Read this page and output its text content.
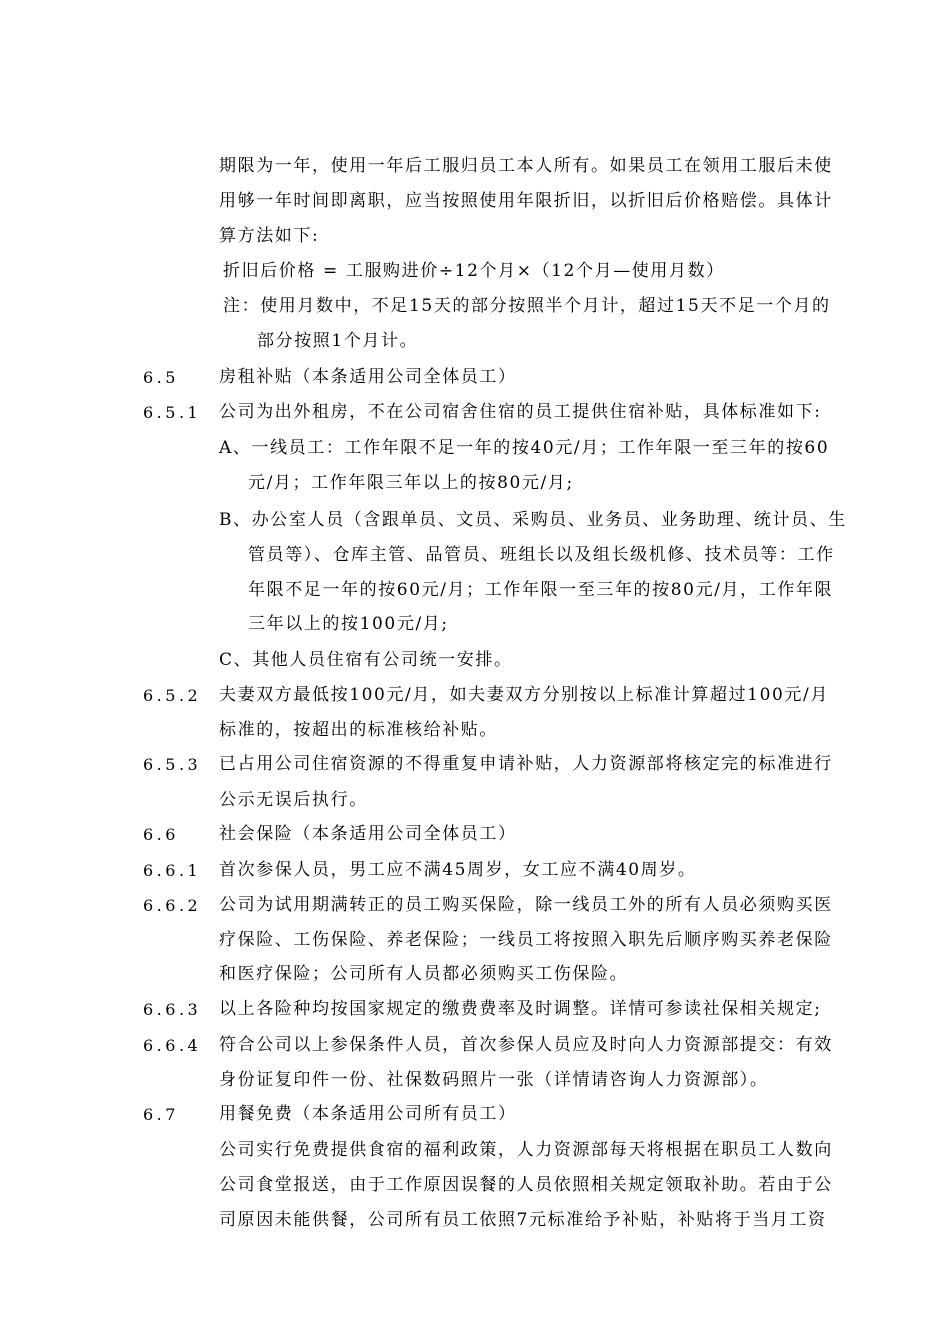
期限为一年，使用一年后工服归员工本人所有。如果员工在领用工服后未使
用够一年时间即离职，应当按照使用年限折旧，以折旧后价格赔偿。具体计
算方法如下:
折旧后价格 = 工服购进价÷12个月×（12个月—使用月数）
注：使用月数中，不足15天的部分按照半个月计，超过15天不足一个月的
部分按照1个月计。
6.5 房租补贴（本条适用公司全体员工）
6.5.1 公司为出外租房，不在公司宿舍住宿的员工提供住宿补贴，具体标准如下:
A、一线员工：工作年限不足一年的按40元/月；工作年限一至三年的按60
元/月；工作年限三年以上的按80元/月;
B、办公室人员（含跟单员、文员、采购员、业务员、业务助理、统计员、生
管员等）、仓库主管、品管员、班组长以及组长级机修、技术员等：工作
年限不足一年的按60元/月；工作年限一至三年的按80元/月，工作年限
三年以上的按100元/月;
C、其他人员住宿有公司统一安排。
6.5.2 夫妻双方最低按100元/月，如夫妻双方分别按以上标准计算超过100元/月
标准的，按超出的标准核给补贴。
6.5.3 已占用公司住宿资源的不得重复申请补贴，人力资源部将核定完的标准进行
公示无误后执行。
6.6 社会保险（本条适用公司全体员工）
6.6.1 首次参保人员，男工应不满45周岁，女工应不满40周岁。
6.6.2 公司为试用期满转正的员工购买保险，除一线员工外的所有人员必须购买医
疗保险、工伤保险、养老保险；一线员工将按照入职先后顺序购买养老保险
和医疗保险；公司所有人员都必须购买工伤保险。
6.6.3 以上各险种均按国家规定的缴费费率及时调整。详情可参读社保相关规定;
6.6.4 符合公司以上参保条件人员，首次参保人员应及时向人力资源部提交：有效
身份证复印件一份、社保数码照片一张（详情请咨询人力资源部）。
6.7 用餐免费（本条适用公司所有员工）
公司实行免费提供食宿的福利政策，人力资源部每天将根据在职员工人数向
公司食堂报送，由于工作原因误餐的人员依照相关规定领取补助。若由于公
司原因未能供餐，公司所有员工依照7元标准给予补贴，补贴将于当月工资
